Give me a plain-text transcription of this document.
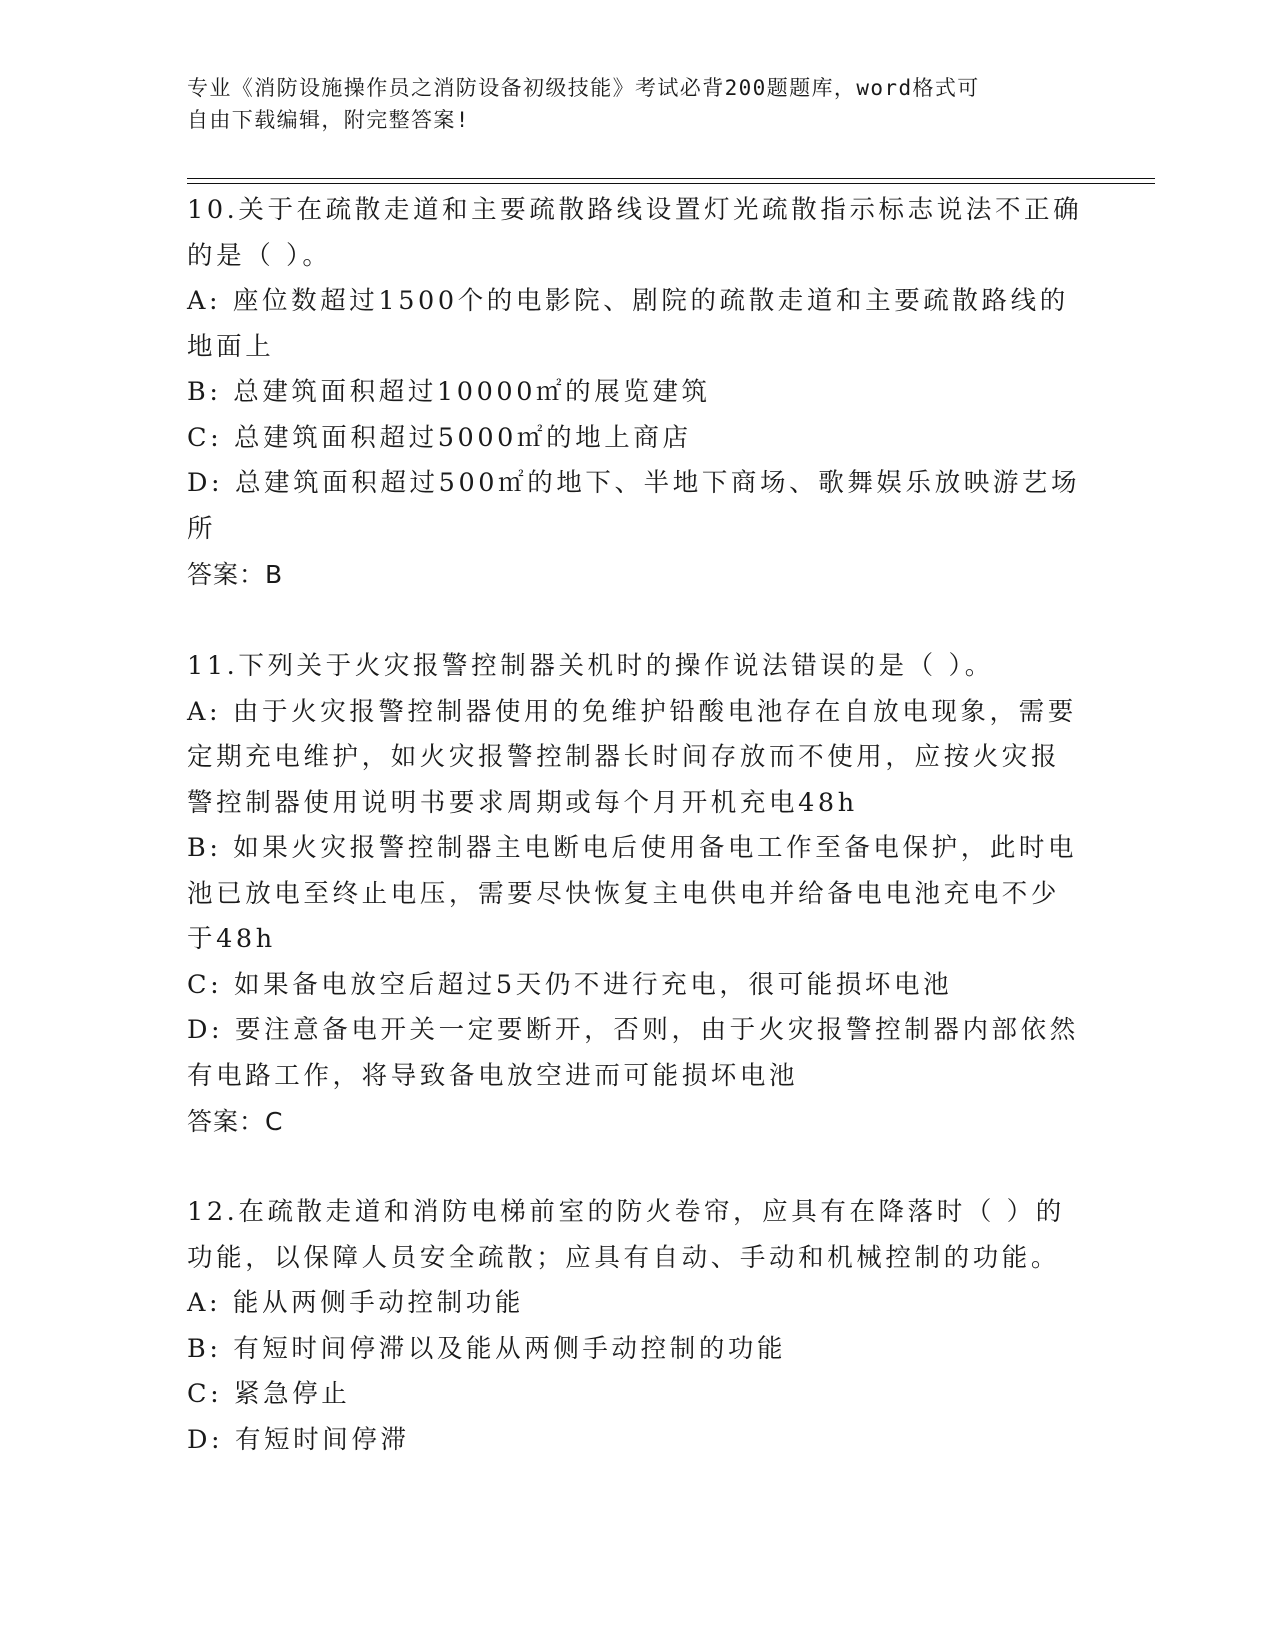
专业《消防设施操作员之消防设备初级技能》考试必背200题题库，word格式可
自由下载编辑，附完整答案!
10.关于在疏散走道和主要疏散路线设置灯光疏散指示标志说法不正确
的是（ ）。
A: 座位数超过1500个的电影院、剧院的疏散走道和主要疏散路线的
地面上
B: 总建筑面积超过10000㎡的展览建筑
C: 总建筑面积超过5000㎡的地上商店
D: 总建筑面积超过500㎡的地下、半地下商场、歌舞娱乐放映游艺场
所
答案：B
11.下列关于火灾报警控制器关机时的操作说法错误的是（ ）。
A: 由于火灾报警控制器使用的免维护铅酸电池存在自放电现象，需要
定期充电维护，如火灾报警控制器长时间存放而不使用，应按火灾报
警控制器使用说明书要求周期或每个月开机充电48h
B: 如果火灾报警控制器主电断电后使用备电工作至备电保护，此时电
池已放电至终止电压，需要尽快恢复主电供电并给备电电池充电不少
于48h
C: 如果备电放空后超过5天仍不进行充电，很可能损坏电池
D: 要注意备电开关一定要断开，否则，由于火灾报警控制器内部依然
有电路工作，将导致备电放空进而可能损坏电池
答案：C
12.在疏散走道和消防电梯前室的防火卷帘，应具有在降落时（ ）的
功能，以保障人员安全疏散；应具有自动、手动和机械控制的功能。
A: 能从两侧手动控制功能
B: 有短时间停滞以及能从两侧手动控制的功能
C: 紧急停止
D: 有短时间停滞
